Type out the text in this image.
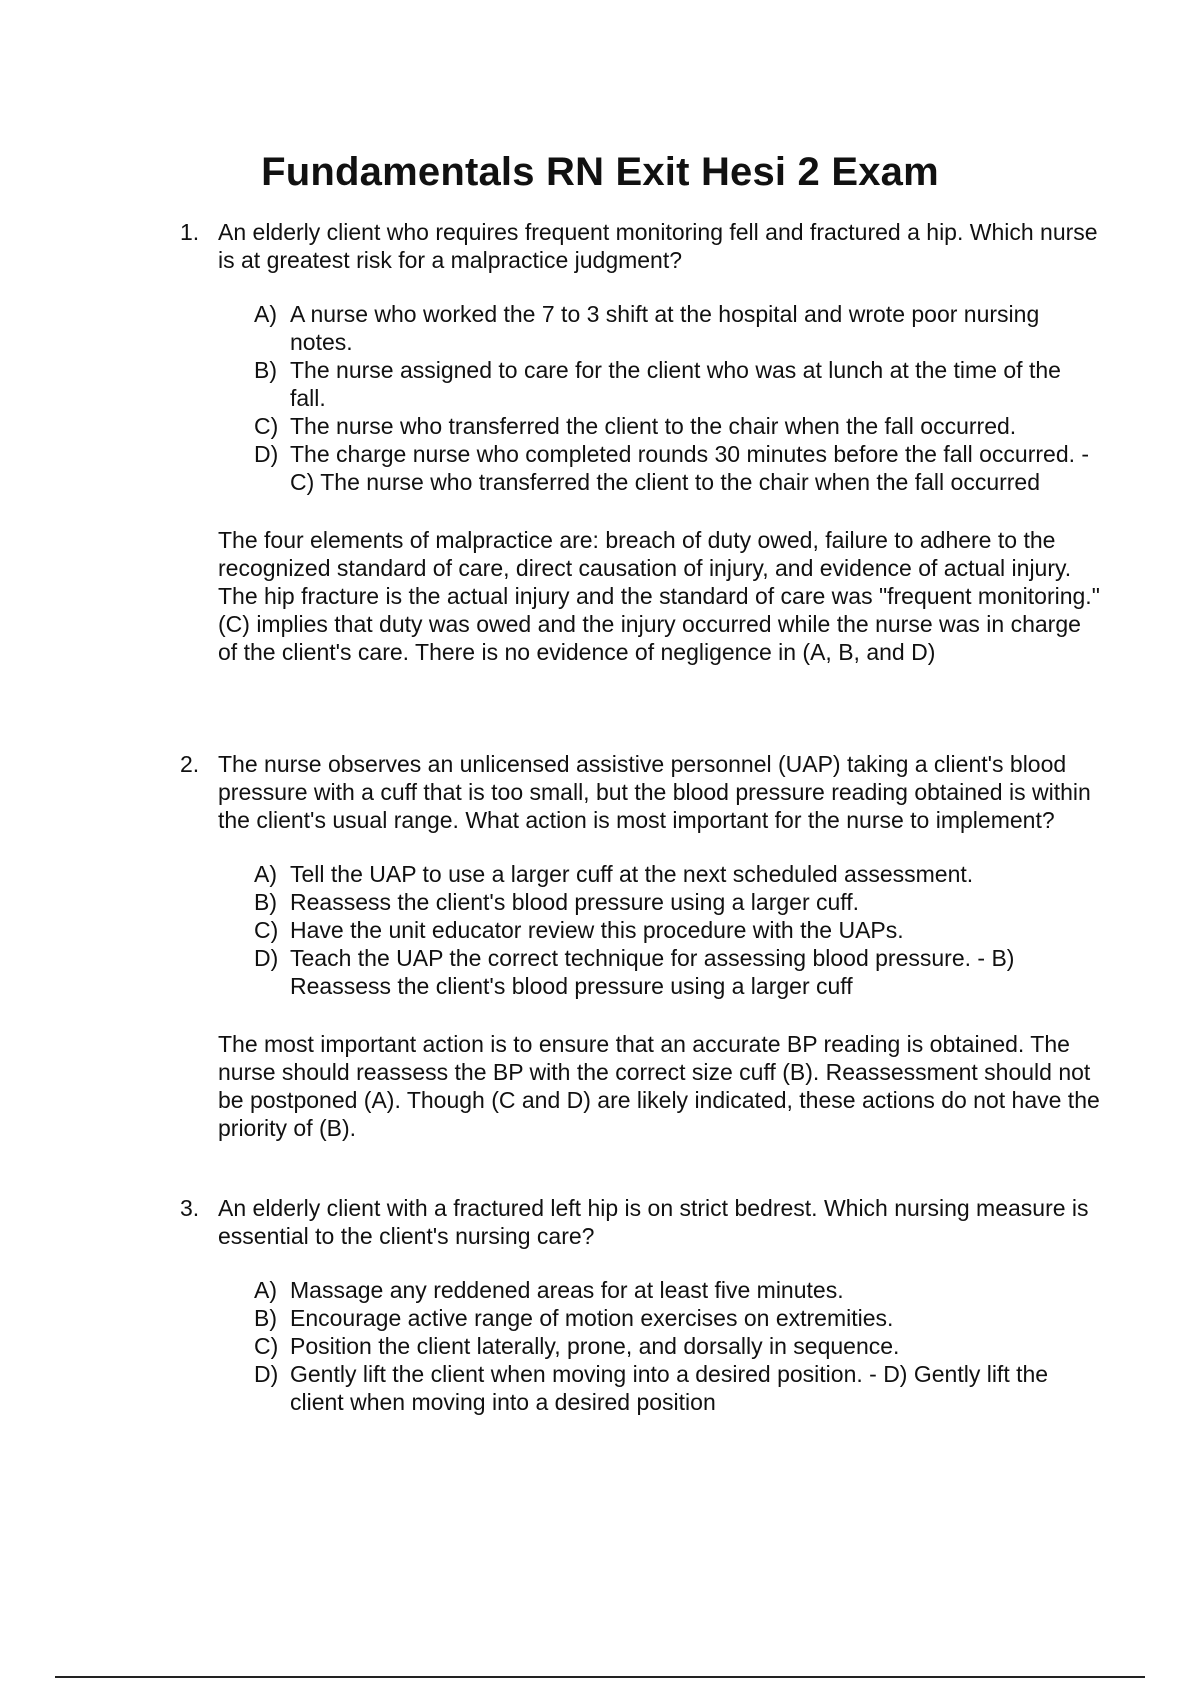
Fundamentals RN Exit Hesi 2 Exam
1. An elderly client who requires frequent monitoring fell and fractured a hip. Which nurse is at greatest risk for a malpractice judgment?
A) A nurse who worked the 7 to 3 shift at the hospital and wrote poor nursing notes.
B) The nurse assigned to care for the client who was at lunch at the time of the fall.
C) The nurse who transferred the client to the chair when the fall occurred.
D) The charge nurse who completed rounds 30 minutes before the fall occurred. - C) The nurse who transferred the client to the chair when the fall occurred
The four elements of malpractice are: breach of duty owed, failure to adhere to the recognized standard of care, direct causation of injury, and evidence of actual injury. The hip fracture is the actual injury and the standard of care was "frequent monitoring." (C) implies that duty was owed and the injury occurred while the nurse was in charge of the client's care. There is no evidence of negligence in (A, B, and D)
2. The nurse observes an unlicensed assistive personnel (UAP) taking a client's blood pressure with a cuff that is too small, but the blood pressure reading obtained is within the client's usual range. What action is most important for the nurse to implement?
A) Tell the UAP to use a larger cuff at the next scheduled assessment.
B) Reassess the client's blood pressure using a larger cuff.
C) Have the unit educator review this procedure with the UAPs.
D) Teach the UAP the correct technique for assessing blood pressure. - B) Reassess the client's blood pressure using a larger cuff
The most important action is to ensure that an accurate BP reading is obtained. The nurse should reassess the BP with the correct size cuff (B). Reassessment should not be postponed (A). Though (C and D) are likely indicated, these actions do not have the priority of (B).
3. An elderly client with a fractured left hip is on strict bedrest. Which nursing measure is essential to the client's nursing care?
A) Massage any reddened areas for at least five minutes.
B) Encourage active range of motion exercises on extremities.
C) Position the client laterally, prone, and dorsally in sequence.
D) Gently lift the client when moving into a desired position. - D) Gently lift the client when moving into a desired position
